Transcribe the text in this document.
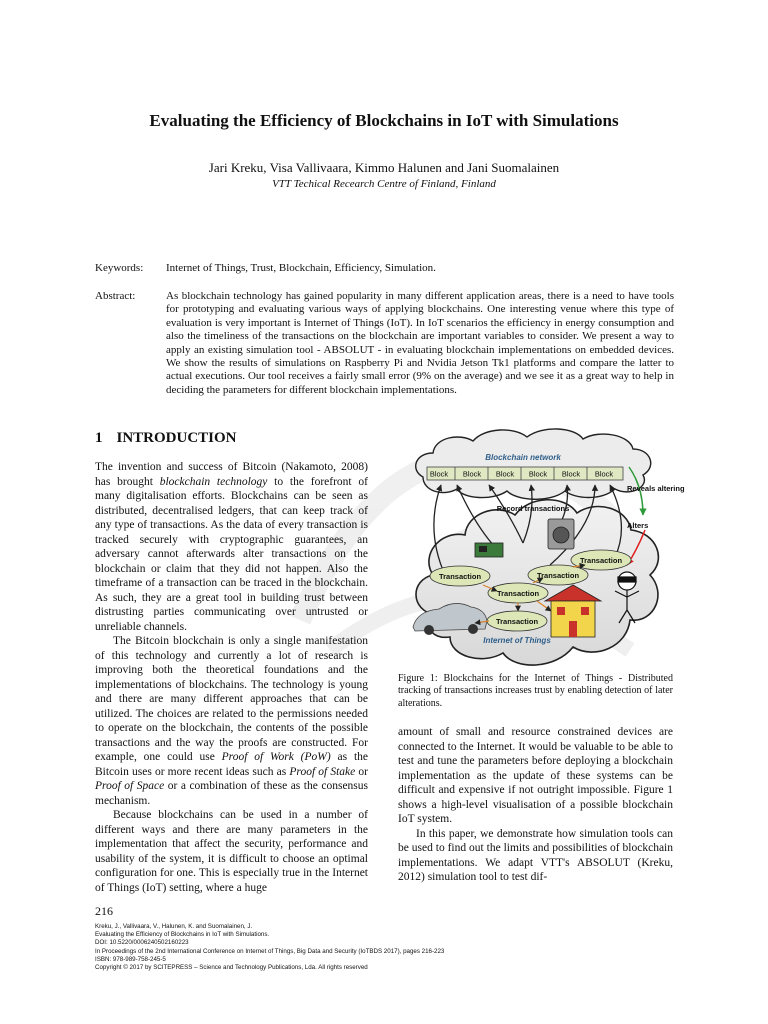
Evaluating the Efficiency of Blockchains in IoT with Simulations
Jari Kreku, Visa Vallivaara, Kimmo Halunen and Jani Suomalainen
VTT Techical Recearch Centre of Finland, Finland
Keywords: Internet of Things, Trust, Blockchain, Efficiency, Simulation.
Abstract:	As blockchain technology has gained popularity in many different application areas, there is a need to have tools for prototyping and evaluating various ways of applying blockchains. One interesting venue where this type of evaluation is very important is Internet of Things (IoT). In IoT scenarios the efficiency in energy consumption and also the timeliness of the transactions on the blockchain are important variables to consider. We present a way to apply an existing simulation tool - ABSOLUT - in evaluating blockchain implementations on embedded devices. We show the results of simulations on Raspberry Pi and Nvidia Jetson Tk1 platforms and compare the latter to actual executions. Our tool receives a fairly small error (9% on the average) and we see it as a great way to help in deciding the parameters for different blockchain implementations.

1 INTRODUCTION

The invention and success of Bitcoin (Nakamoto, 2008) has brought blockchain technology to the forefront of many digitalisation efforts. Blockchains can be seen as distributed, decentralised ledgers, that can keep track of any type of transactions. As the data of every transaction is tracked securely with cryptographic guarantees, an adversary cannot afterwards alter transactions on the blockchain or claim that they did not happen. Also the timeframe of a transaction can be traced in the blockchain. As such, they are a great tool in building trust between distrusting parties communicating over untrusted or unreliable channels.

The Bitcoin blockchain is only a single manifestation of this technology and currently a lot of research is improving both the theoretical foundations and the implementations of blockchains. The technology is young and there are many different approaches that can be utilized. The choices are related to the permissions needed to operate on the blockchain, the contents of the possible transactions and the way the proofs are constructed. For example, one could use Proof of Work (PoW) as the Bitcoin uses or more recent ideas such as Proof of Stake or Proof of Space or a combination of these as the consensus mechanism.

Because blockchains can be used in a number of different ways and there are many parameters in the implementation that affect the security, performance and usability of the system, it is difficult to choose an optimal configuration for one. This is especially true in the Internet of Things (IoT) setting, where a huge

Blockchain network
Block Block Block Block Block Block
Record transactions
Reveals altering
Alters
Transaction	Transaction
Transaction
Transaction
Transaction
Internet of Things

Figure 1: Blockchains for the Internet of Things - Distributed tracking of transactions increases trust by enabling detection of later alterations.

amount of small and resource constrained devices are connected to the Internet. It would be valuable to be able to test and tune the parameters before deploying a blockchain implementation as the update of these systems can be difficult and expensive if not outright impossible. Figure 1 shows a high-level visualisation of a possible blockchain IoT system.

In this paper, we demonstrate how simulation tools can be used to find out the limits and possibilities of blockchain implementations. We adapt VTT's ABSOLUT (Kreku, 2012) simulation tool to test dif-

216
Kreku, J., Vallivaara, V., Halunen, K. and Suomalainen, J.
Evaluating the Efficiency of Blockchains in IoT with Simulations.
DOI: 10.5220/0006240502160223
In Proceedings of the 2nd International Conference on Internet of Things, Big Data and Security (IoTBDS 2017), pages 216-223
ISBN: 978-989-758-245-5
Copyright © 2017 by SCITEPRESS – Science and Technology Publications, Lda. All rights reserved
